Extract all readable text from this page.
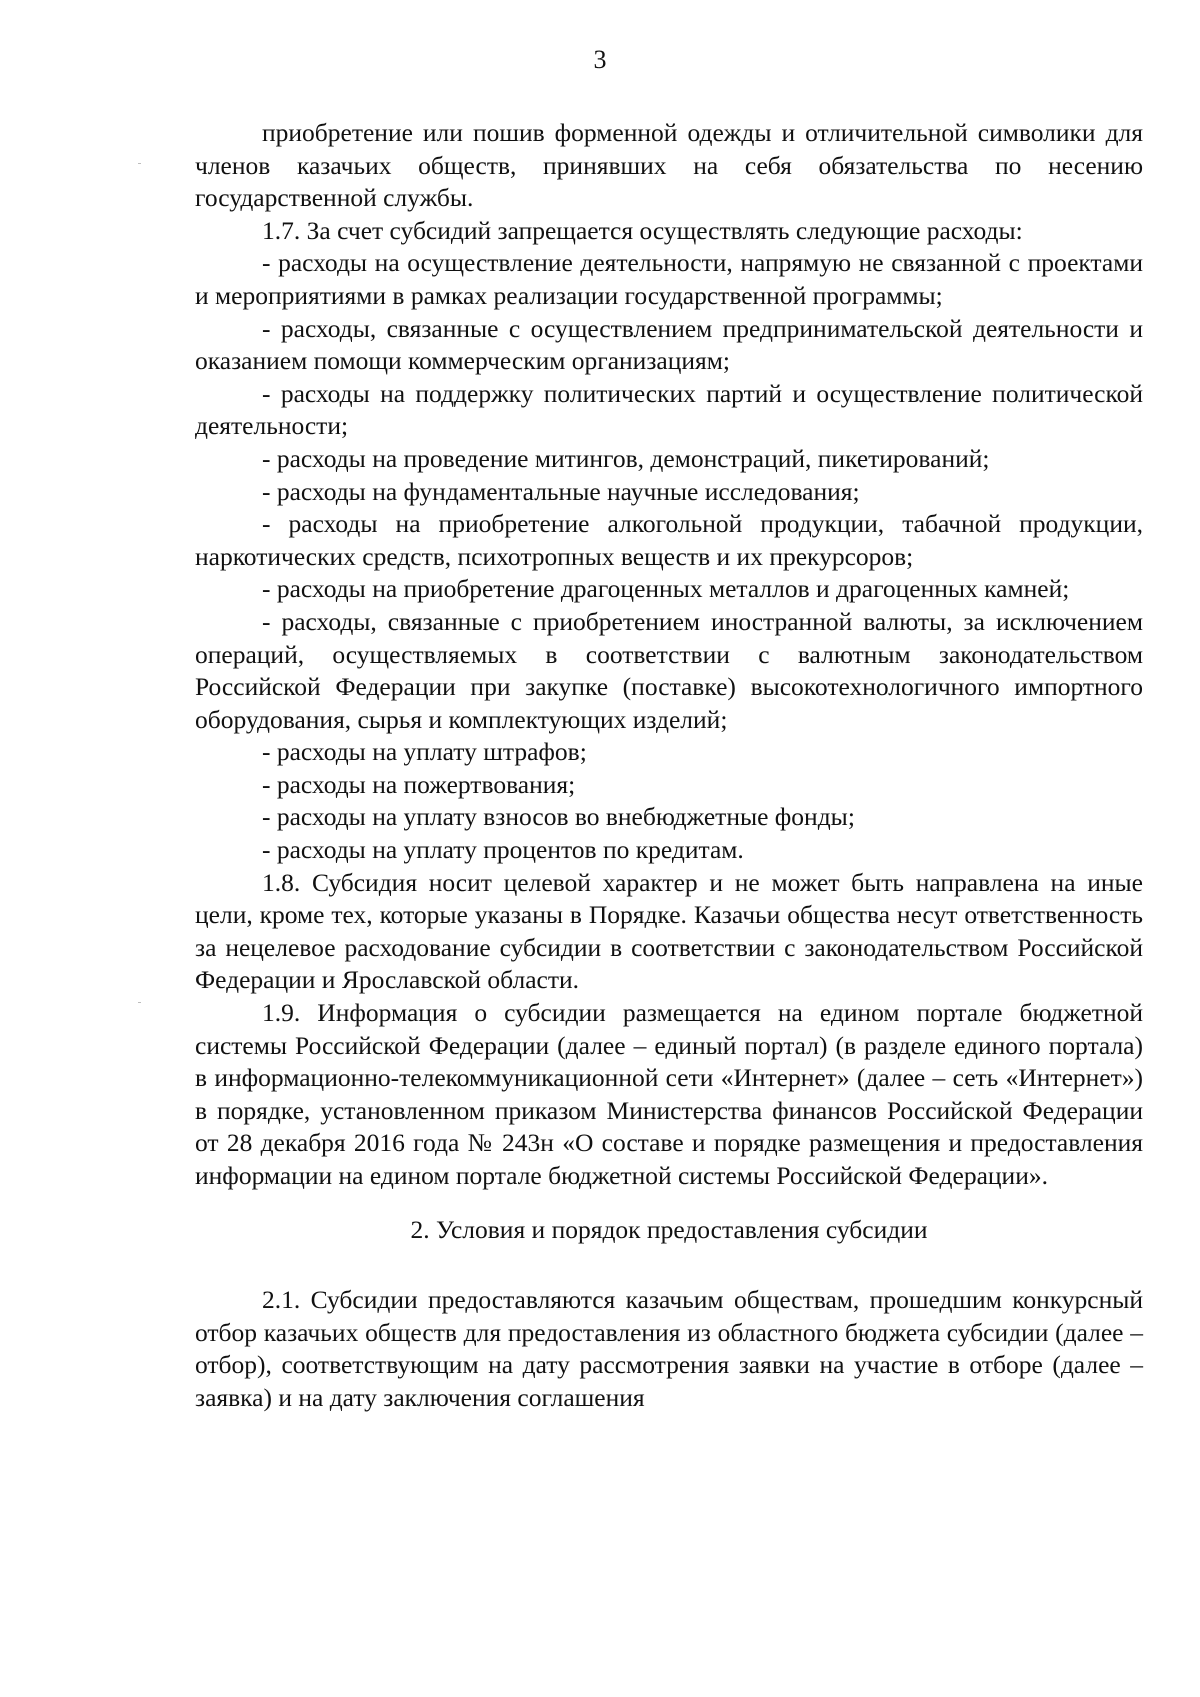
3

приобретение или пошив форменной одежды и отличительной символики для членов казачьих обществ, принявших на себя обязательства по несению государственной службы.

1.7. За счет субсидий запрещается осуществлять следующие расходы:

- расходы на осуществление деятельности, напрямую не связанной с проектами и мероприятиями в рамках реализации государственной программы;

- расходы, связанные с осуществлением предпринимательской деятельности и оказанием помощи коммерческим организациям;

- расходы на поддержку политических партий и осуществление политической деятельности;

- расходы на проведение митингов, демонстраций, пикетирований;

- расходы на фундаментальные научные исследования;

- расходы на приобретение алкогольной продукции, табачной продукции, наркотических средств, психотропных веществ и их прекурсоров;

- расходы на приобретение драгоценных металлов и драгоценных камней;

- расходы, связанные с приобретением иностранной валюты, за исключением операций, осуществляемых в соответствии с валютным законодательством Российской Федерации при закупке (поставке) высокотехнологичного импортного оборудования, сырья и комплектующих изделий;

- расходы на уплату штрафов;

- расходы на пожертвования;

- расходы на уплату взносов во внебюджетные фонды;

- расходы на уплату процентов по кредитам.

1.8. Субсидия носит целевой характер и не может быть направлена на иные цели, кроме тех, которые указаны в Порядке. Казачьи общества несут ответственность за нецелевое расходование субсидии в соответствии с законодательством Российской Федерации и Ярославской области.

1.9. Информация о субсидии размещается на едином портале бюджетной системы Российской Федерации (далее – единый портал) (в разделе единого портала) в информационно-телекоммуникационной сети «Интернет» (далее – сеть «Интернет») в порядке, установленном приказом Министерства финансов Российской Федерации от 28 декабря 2016 года № 243н «О составе и порядке размещения и предоставления информации на едином портале бюджетной системы Российской Федерации».

2. Условия и порядок предоставления субсидии

2.1. Субсидии предоставляются казачьим обществам, прошедшим конкурсный отбор казачьих обществ для предоставления из областного бюджета субсидии (далее – отбор), соответствующим на дату рассмотрения заявки на участие в отборе (далее – заявка) и на дату заключения соглашения
